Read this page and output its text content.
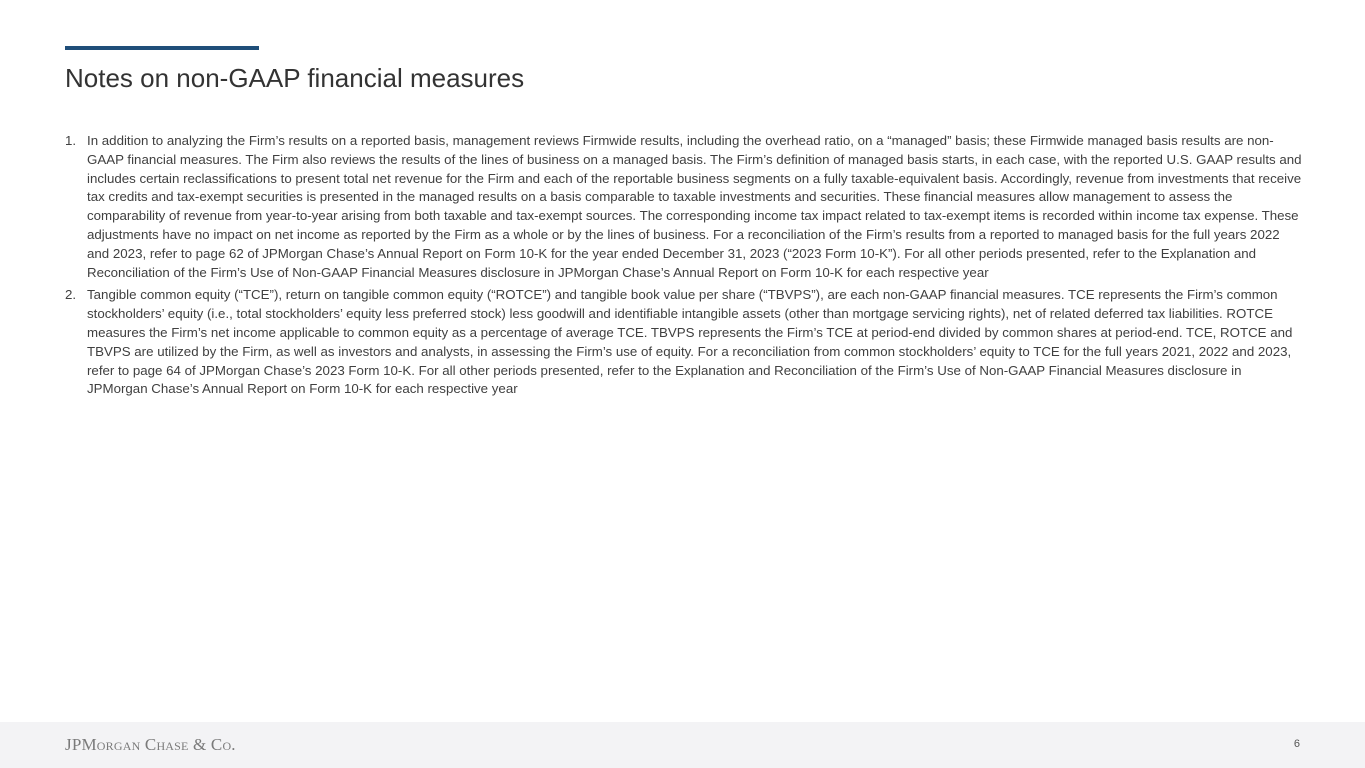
Notes on non-GAAP financial measures
1. In addition to analyzing the Firm’s results on a reported basis, management reviews Firmwide results, including the overhead ratio, on a “managed” basis; these Firmwide managed basis results are non-GAAP financial measures. The Firm also reviews the results of the lines of business on a managed basis. The Firm’s definition of managed basis starts, in each case, with the reported U.S. GAAP results and includes certain reclassifications to present total net revenue for the Firm and each of the reportable business segments on a fully taxable-equivalent basis. Accordingly, revenue from investments that receive tax credits and tax-exempt securities is presented in the managed results on a basis comparable to taxable investments and securities. These financial measures allow management to assess the comparability of revenue from year-to-year arising from both taxable and tax-exempt sources. The corresponding income tax impact related to tax-exempt items is recorded within income tax expense. These adjustments have no impact on net income as reported by the Firm as a whole or by the lines of business. For a reconciliation of the Firm’s results from a reported to managed basis for the full years 2022 and 2023, refer to page 62 of JPMorgan Chase’s Annual Report on Form 10-K for the year ended December 31, 2023 (“2023 Form 10-K”). For all other periods presented, refer to the Explanation and Reconciliation of the Firm’s Use of Non-GAAP Financial Measures disclosure in JPMorgan Chase’s Annual Report on Form 10-K for each respective year
2. Tangible common equity (“TCE”), return on tangible common equity (“ROTCE”) and tangible book value per share (“TBVPS”), are each non-GAAP financial measures. TCE represents the Firm’s common stockholders’ equity (i.e., total stockholders’ equity less preferred stock) less goodwill and identifiable intangible assets (other than mortgage servicing rights), net of related deferred tax liabilities. ROTCE measures the Firm’s net income applicable to common equity as a percentage of average TCE. TBVPS represents the Firm’s TCE at period-end divided by common shares at period-end. TCE, ROTCE and TBVPS are utilized by the Firm, as well as investors and analysts, in assessing the Firm’s use of equity. For a reconciliation from common stockholders’ equity to TCE for the full years 2021, 2022 and 2023, refer to page 64 of JPMorgan Chase’s 2023 Form 10-K. For all other periods presented, refer to the Explanation and Reconciliation of the Firm’s Use of Non-GAAP Financial Measures disclosure in JPMorgan Chase’s Annual Report on Form 10-K for each respective year
JPMorgan Chase & Co.	6
